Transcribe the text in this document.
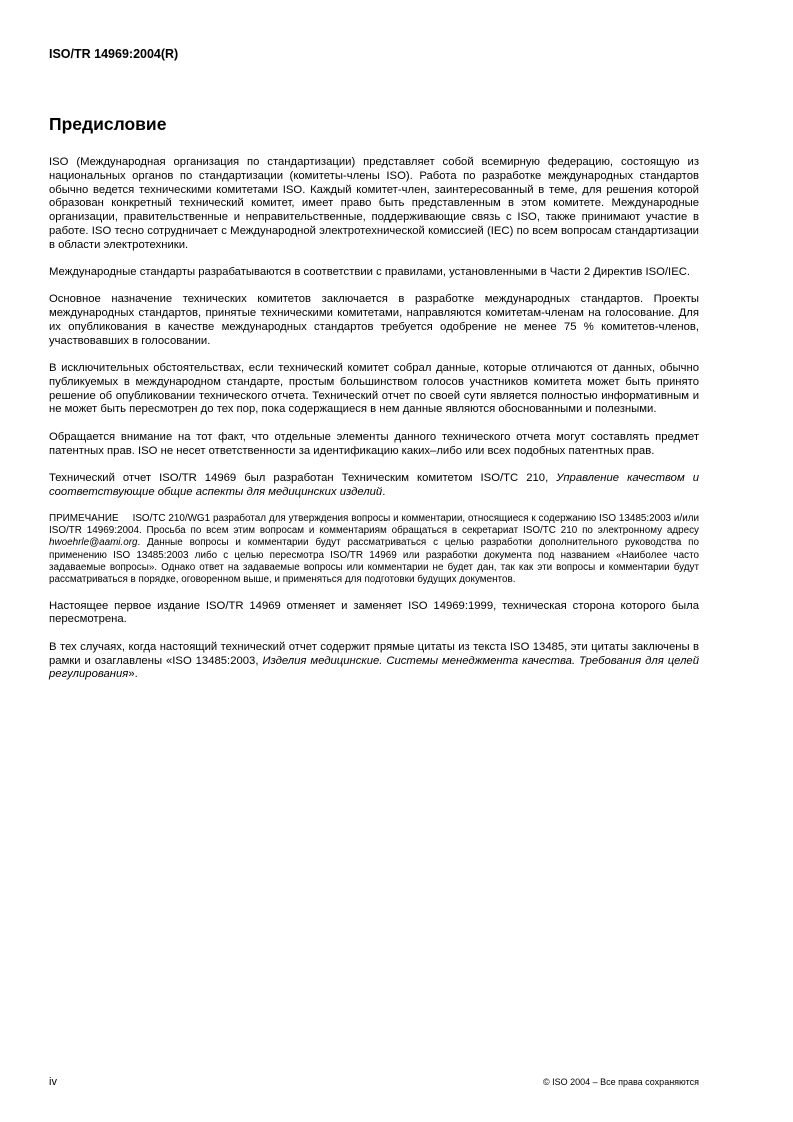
ISO/TR 14969:2004(R)
Предисловие

ISO (Международная организация по стандартизации) представляет собой всемирную федерацию, состоящую из национальных органов по стандартизации (комитеты-члены ISO). Работа по разработке международных стандартов обычно ведется техническими комитетами ISO. Каждый комитет-член, заинтересованный в теме, для решения которой образован конкретный технический комитет, имеет право быть представленным в этом комитете. Международные организации, правительственные и неправительственные, поддерживающие связь с ISO, также принимают участие в работе. ISO тесно сотрудничает с Международной электротехнической комиссией (IEC) по всем вопросам стандартизации в области электротехники.

Международные стандарты разрабатываются в соответствии с правилами, установленными в Части 2 Директив ISO/IEC.

Основное назначение технических комитетов заключается в разработке международных стандартов. Проекты международных стандартов, принятые техническими комитетами, направляются комитетам-членам на голосование. Для их опубликования в качестве международных стандартов требуется одобрение не менее 75 % комитетов-членов, участвовавших в голосовании.

В исключительных обстоятельствах, если технический комитет собрал данные, которые отличаются от данных, обычно публикуемых в международном стандарте, простым большинством голосов участников комитета может быть принято решение об опубликовании технического отчета. Технический отчет по своей сути является полностью информативным и не может быть пересмотрен до тех пор, пока содержащиеся в нем данные являются обоснованными и полезными.

Обращается внимание на тот факт, что отдельные элементы данного технического отчета могут составлять предмет патентных прав. ISO не несет ответственности за идентификацию каких–либо или всех подобных патентных прав.

Технический отчет ISO/TR 14969 был разработан Техническим комитетом ISO/TC 210, Управление качеством и соответствующие общие аспекты для медицинских изделий.

ПРИМЕЧАНИЕ ISO/TC 210/WG1 разработал для утверждения вопросы и комментарии, относящиеся к содержанию ISO 13485:2003 и/или ISO/TR 14969:2004. Просьба по всем этим вопросам и комментариям обращаться в секретариат ISO/TC 210 по электронному адресу hwoehrle@aami.org. Данные вопросы и комментарии будут рассматриваться с целью разработки дополнительного руководства по применению ISO 13485:2003 либо с целью пересмотра ISO/TR 14969 или разработки документа под названием «Наиболее часто задаваемые вопросы». Однако ответ на задаваемые вопросы или комментарии не будет дан, так как эти вопросы и комментарии будут рассматриваться в порядке, оговоренном выше, и применяться для подготовки будущих документов.

Настоящее первое издание ISO/TR 14969 отменяет и заменяет ISO 14969:1999, техническая сторона которого была пересмотрена.

В тех случаях, когда настоящий технический отчет содержит прямые цитаты из текста ISO 13485, эти цитаты заключены в рамки и озаглавлены «ISO 13485:2003, Изделия медицинские. Системы менеджмента качества. Требования для целей регулирования».

iv	© ISO 2004 – Все права сохраняются
